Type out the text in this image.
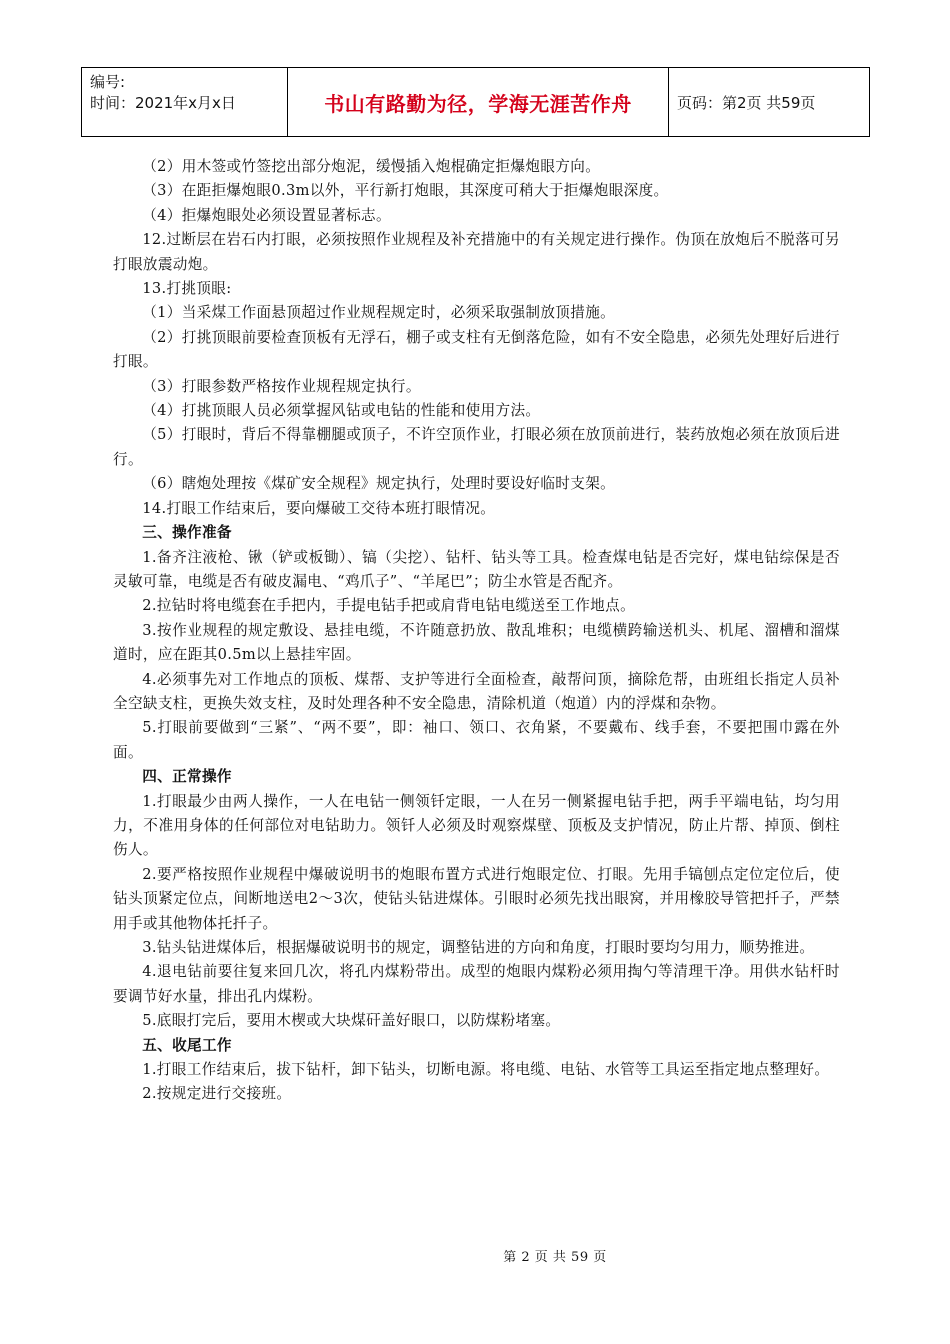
编号:
时间：2021年x月x日	书山有路勤为径，学海无涯苦作舟	页码：第2页 共59页

（2）用木签或竹签挖出部分炮泥，缓慢插入炮棍确定拒爆炮眼方向。

（3）在距拒爆炮眼0.3m以外，平行新打炮眼，其深度可稍大于拒爆炮眼深度。

（4）拒爆炮眼处必须设置显著标志。

12.过断层在岩石内打眼，必须按照作业规程及补充措施中的有关规定进行操作。伪顶在放炮后不脱落可另打眼放震动炮。

13.打挑顶眼:

（1）当采煤工作面悬顶超过作业规程规定时，必须采取强制放顶措施。

（2）打挑顶眼前要检查顶板有无浮石，棚子或支柱有无倒落危险，如有不安全隐患，必须先处理好后进行打眼。

（3）打眼参数严格按作业规程规定执行。

（4）打挑顶眼人员必须掌握风钻或电钻的性能和使用方法。

（5）打眼时，背后不得靠棚腿或顶子，不许空顶作业，打眼必须在放顶前进行，装药放炮必须在放顶后进行。

（6）瞎炮处理按《煤矿安全规程》规定执行，处理时要设好临时支架。

14.打眼工作结束后，要向爆破工交待本班打眼情况。

三、操作准备

1.备齐注液枪、锹（铲或板锄）、镐（尖挖）、钻杆、钻头等工具。检查煤电钻是否完好，煤电钻综保是否灵敏可靠，电缆是否有破皮漏电、“鸡爪子”、“羊尾巴”；防尘水管是否配齐。

2.拉钻时将电缆套在手把内，手提电钻手把或肩背电钻电缆送至工作地点。

3.按作业规程的规定敷设、悬挂电缆，不许随意扔放、散乱堆积；电缆横跨输送机头、机尾、溜槽和溜煤道时，应在距其0.5m以上悬挂牢固。

4.必须事先对工作地点的顶板、煤帮、支护等进行全面检查，敲帮问顶，摘除危帮，由班组长指定人员补全空缺支柱，更换失效支柱，及时处理各种不安全隐患，清除机道（炮道）内的浮煤和杂物。

5.打眼前要做到“三紧”、“两不要”，即：袖口、领口、衣角紧，不要戴布、线手套，不要把围巾露在外面。

四、正常操作

1.打眼最少由两人操作，一人在电钻一侧领钎定眼，一人在另一侧紧握电钻手把，两手平端电钻，均匀用力，不准用身体的任何部位对电钻助力。领钎人必须及时观察煤壁、顶板及支护情况，防止片帮、掉顶、倒柱伤人。

2.要严格按照作业规程中爆破说明书的炮眼布置方式进行炮眼定位、打眼。先用手镐刨点定位定位后，使钻头顶紧定位点，间断地送电2～3次，使钻头钻进煤体。引眼时必须先找出眼窝，并用橡胶导管把扦子，严禁用手或其他物体托扦子。

3.钻头钻进煤体后，根据爆破说明书的规定，调整钻进的方向和角度，打眼时要均匀用力，顺势推进。

4.退电钻前要往复来回几次，将孔内煤粉带出。成型的炮眼内煤粉必须用掏勺等清理干净。用供水钻杆时要调节好水量，排出孔内煤粉。

5.底眼打完后，要用木楔或大块煤矸盖好眼口，以防煤粉堵塞。

五、收尾工作

1.打眼工作结束后，拔下钻杆，卸下钻头，切断电源。将电缆、电钻、水管等工具运至指定地点整理好。

2.按规定进行交接班。

第 2 页 共 59 页
